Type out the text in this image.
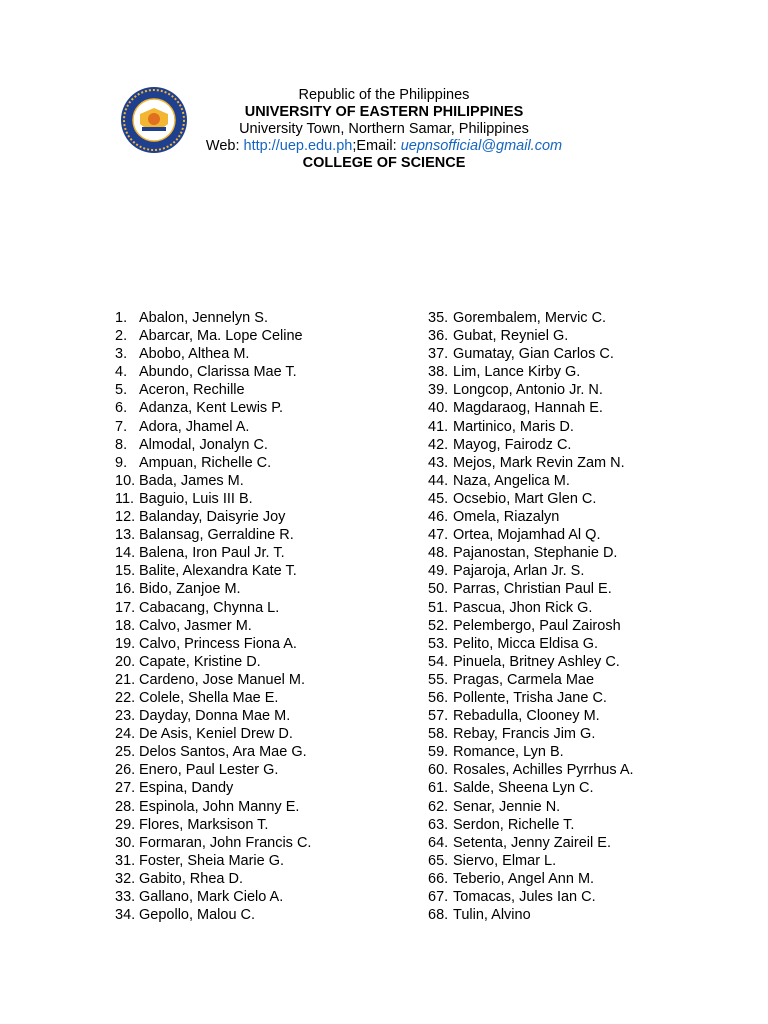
Republic of the Philippines
UNIVERSITY OF EASTERN PHILIPPINES
University Town, Northern Samar, Philippines
Web: http://uep.edu.ph;Email: uepnsofficial@gmail.com
COLLEGE OF SCIENCE
1. Abalon, Jennelyn S.
2. Abarcar, Ma. Lope Celine
3. Abobo, Althea M.
4. Abundo, Clarissa Mae T.
5. Aceron, Rechille
6. Adanza, Kent Lewis P.
7. Adora, Jhamel A.
8. Almodal, Jonalyn C.
9. Ampuan, Richelle C.
10. Bada, James M.
11. Baguio, Luis III B.
12. Balanday, Daisyrie Joy
13. Balansag, Gerraldine R.
14. Balena, Iron Paul Jr. T.
15. Balite, Alexandra Kate T.
16. Bido, Zanjoe M.
17. Cabacang, Chynna L.
18. Calvo, Jasmer M.
19. Calvo, Princess Fiona A.
20. Capate, Kristine D.
21. Cardeno, Jose Manuel M.
22. Colele, Shella Mae E.
23. Dayday, Donna Mae M.
24. De Asis, Keniel Drew D.
25. Delos Santos, Ara Mae G.
26. Enero, Paul Lester G.
27. Espina, Dandy
28. Espinola, John Manny E.
29. Flores, Marksison T.
30. Formaran, John Francis C.
31. Foster, Sheia Marie G.
32. Gabito, Rhea D.
33. Gallano, Mark Cielo A.
34. Gepollo, Malou C.
35. Gorembalem, Mervic C.
36. Gubat, Reyniel G.
37. Gumatay, Gian Carlos C.
38. Lim, Lance Kirby G.
39. Longcop, Antonio Jr. N.
40. Magdaraog, Hannah E.
41. Martinico, Maris D.
42. Mayog, Fairodz C.
43. Mejos, Mark Revin Zam N.
44. Naza, Angelica M.
45. Ocsebio, Mart Glen C.
46. Omela, Riazalyn
47. Ortea, Mojamhad Al Q.
48. Pajanostan, Stephanie D.
49. Pajaroja, Arlan Jr. S.
50. Parras, Christian Paul E.
51. Pascua, Jhon Rick G.
52. Pelembergo, Paul Zairosh
53. Pelito, Micca Eldisa G.
54. Pinuela, Britney Ashley C.
55. Pragas, Carmela Mae
56. Pollente, Trisha Jane C.
57. Rebadulla, Clooney M.
58. Rebay, Francis Jim G.
59. Romance, Lyn B.
60. Rosales, Achilles Pyrrhus A.
61. Salde, Sheena Lyn C.
62. Senar, Jennie N.
63. Serdon, Richelle T.
64. Setenta, Jenny Zaireil E.
65. Siervo, Elmar L.
66. Teberio, Angel Ann M.
67. Tomacas, Jules Ian C.
68. Tulin, Alvino
